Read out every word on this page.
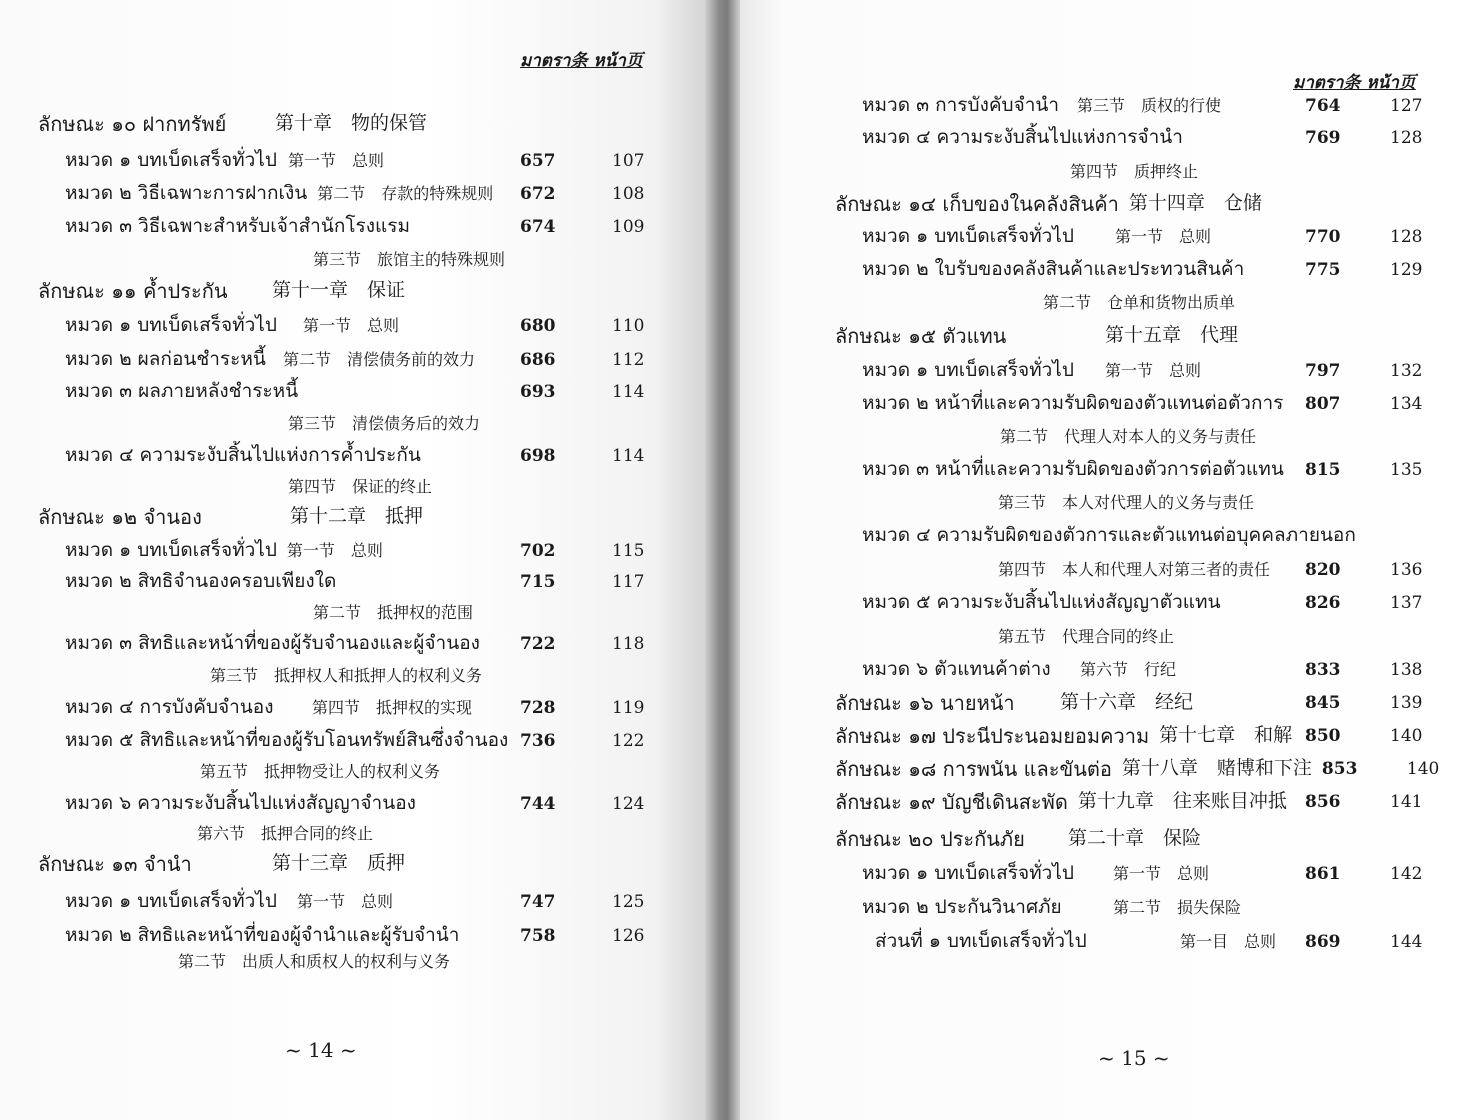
มาตรา条 หน้า页
ลักษณะ ๑๐ ฝากทรัพย์	第十章　物的保管
หมวด ๑ บทเบ็ดเสร็จทั่วไป 第一节　总则	657	107
หมวด ๒ วิธีเฉพาะการฝากเงิน 第二节　存款的特殊规则 672	108
หมวด ๓ วิธีเฉพาะสำหรับเจ้าสำนักโรงแรม	674	109
第三节　旅馆主的特殊规则
ลักษณะ ๑๑ ค้ำประกัน	第十一章　保证
หมวด ๑ บทเบ็ดเสร็จทั่วไป	第一节　总则	680	110
หมวด ๒ ผลก่อนชำระหนี้	第二节　清偿债务前的效力	686	112
หมวด ๓ ผลภายหลังชำระหนี้	693	114
第三节　清偿债务后的效力
หมวด ๔ ความระงับสิ้นไปแห่งการค้ำประกัน	698	114
第四节　保证的终止
ลักษณะ ๑๒ จำนอง	第十二章　抵押
หมวด ๑ บทเบ็ดเสร็จทั่วไป 第一节　总则	702	115
หมวด ๒ สิทธิจำนองครอบเพียงใด	715	117
第二节　抵押权的范围
หมวด ๓ สิทธิและหน้าที่ของผู้รับจำนองและผู้จำนอง 722	118
第三节　抵押权人和抵押人的权利义务
หมวด ๔ การบังคับจำนอง	第四节　抵押权的实现	728	119
หมวด ๕ สิทธิและหน้าที่ของผู้รับโอนทรัพย์สินซึ่งจำนอง 736	122
第五节　抵押物受让人的权利义务
หมวด ๖ ความระงับสิ้นไปแห่งสัญญาจำนอง	744	124
第六节　抵押合同的终止
ลักษณะ ๑๓ จำนำ	第十三章　质押
หมวด ๑ บทเบ็ดเสร็จทั่วไป	第一节　总则	747	125
หมวด ๒ สิทธิและหน้าที่ของผู้จำนำและผู้รับจำนำ	758	126
第二节　出质人和质权人的权利与义务
~ 14 ~
มาตรา条 หน้า页
หมวด ๓ การบังคับจำนำ	第三节　质权的行使	764	127
หมวด ๔ ความระงับสิ้นไปแห่งการจำนำ	769	128
第四节　质押终止
ลักษณะ ๑๔ เก็บของในคลังสินค้า 第十四章　仓储
หมวด ๑ บทเบ็ดเสร็จทั่วไป	第一节　总则	770	128
หมวด ๒ ใบรับของคลังสินค้าและประทวนสินค้า	775	129
第二节　仓单和货物出质单
ลักษณะ ๑๕ ตัวแทน	第十五章　代理
หมวด ๑ บทเบ็ดเสร็จทั่วไป	第一节　总则	797	132
หมวด ๒ หน้าที่และความรับผิดของตัวแทนต่อตัวการ 807	134
第二节　代理人对本人的义务与责任
หมวด ๓ หน้าที่และความรับผิดของตัวการต่อตัวแทน 815	135
第三节　本人对代理人的义务与责任
หมวด ๔ ความรับผิดของตัวการและตัวแทนต่อบุคคลภายนอก
第四节　本人和代理人对第三者的责任 820	136
หมวด ๕ ความระงับสิ้นไปแห่งสัญญาตัวแทน	826	137
第五节　代理合同的终止
หมวด ๖ ตัวแทนค้าต่าง	第六节　行纪	833	138
ลักษณะ ๑๖ นายหน้า	第十六章　经纪	845	139
ลักษณะ ๑๗ ประนีประนอมยอมความ 第十七章　和解 850	140
ลักษณะ ๑๘ การพนัน และขันต่อ 第十八章　赌博和下注 853	140
ลักษณะ ๑๙ บัญชีเดินสะพัด 第十九章　往来账目冲抵 856	141
ลักษณะ ๒๐ ประกันภัย	第二十章　保险
หมวด ๑ บทเบ็ดเสร็จทั่วไป	第一节　总则	861	142
หมวด ๒ ประกันวินาศภัย	第二节　损失保险
ส่วนที่ ๑ บทเบ็ดเสร็จทั่วไป	第一目　总则 869	144
~ 15 ~
